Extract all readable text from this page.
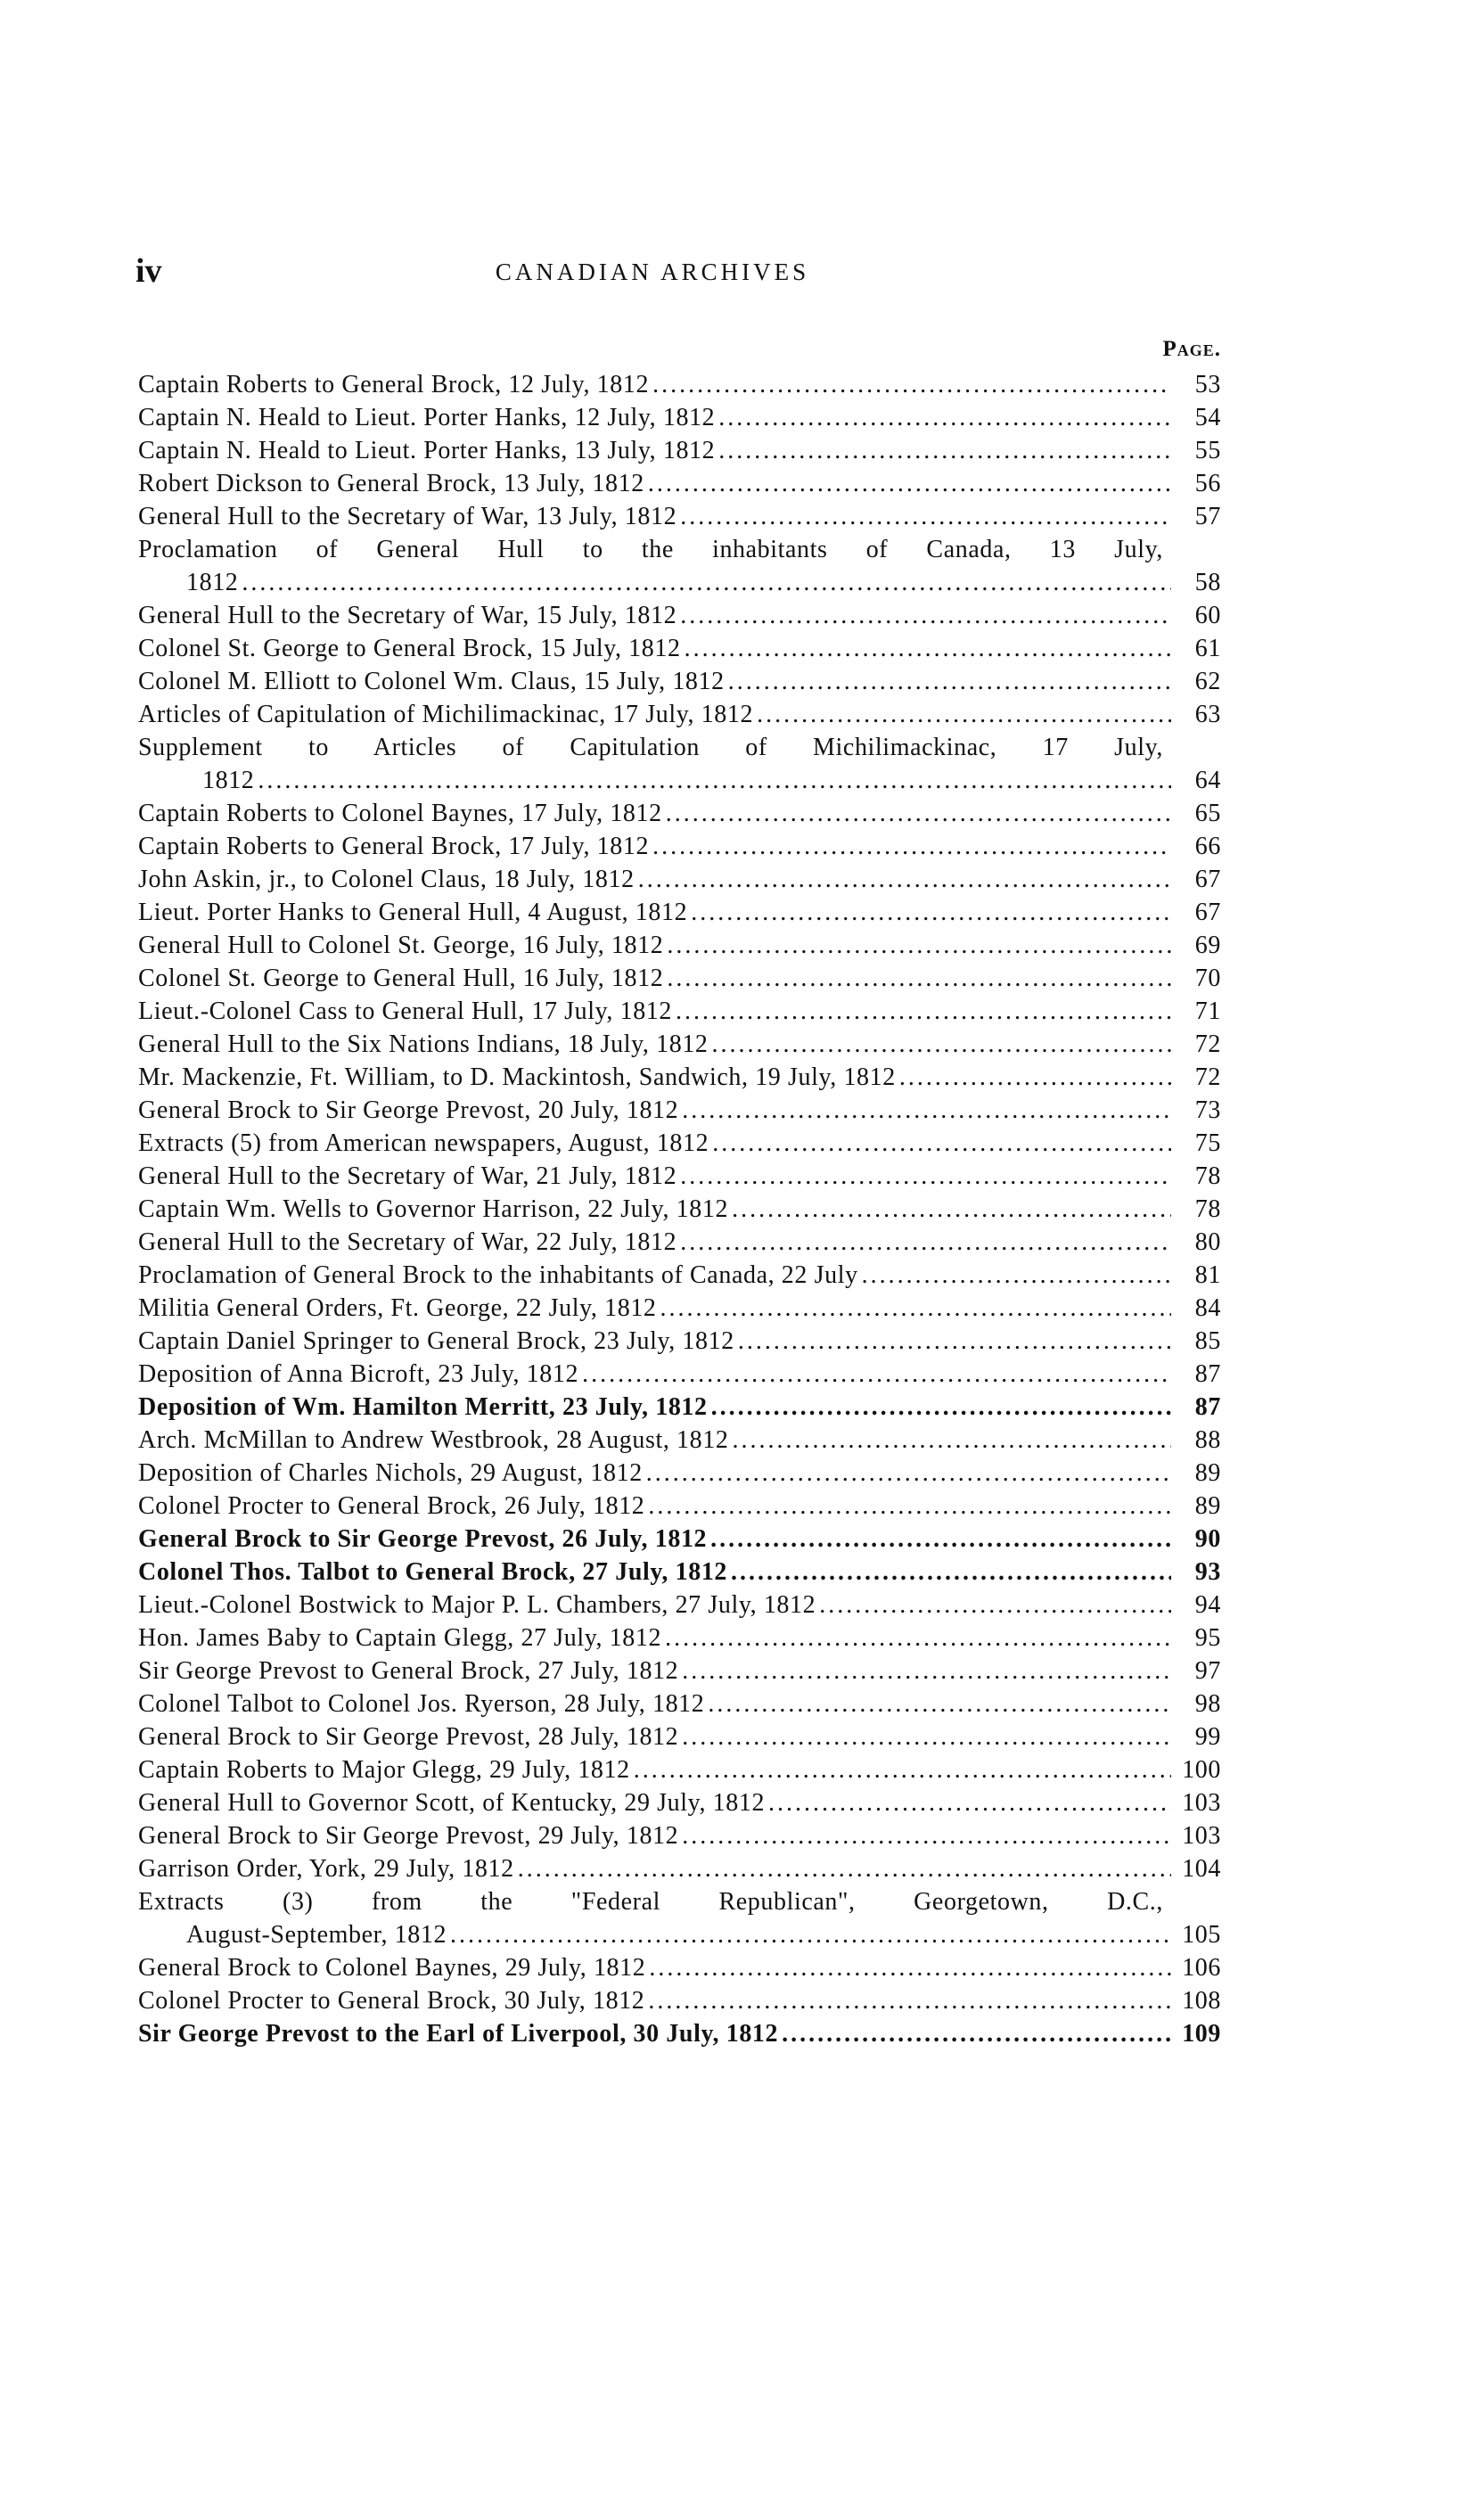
iv	CANADIAN ARCHIVES
Page.
Captain Roberts to General Brock, 12 July, 1812 .....	53
Captain N. Heald to Lieut. Porter Hanks, 12 July, 1812 .....	54
Captain N. Heald to Lieut. Porter Hanks, 13 July, 1812 .....	55
Robert Dickson to General Brock, 13 July, 1812 .....	56
General Hull to the Secretary of War, 13 July, 1812 .....	57
Proclamation of General Hull to the inhabitants of Canada, 13 July,
1812 .....	58
General Hull to the Secretary of War, 15 July, 1812 .....	60
Colonel St. George to General Brock, 15 July, 1812 .....	61
Colonel M. Elliott to Colonel Wm. Claus, 15 July, 1812 .....	62
Articles of Capitulation of Michilimackinac, 17 July, 1812 .....	63
Supplement to Articles of Capitulation of Michilimackinac, 17 July,
1812 .....	64
Captain Roberts to Colonel Baynes, 17 July, 1812 .....	65
Captain Roberts to General Brock, 17 July, 1812 .....	66
John Askin, jr., to Colonel Claus, 18 July, 1812 .....	67
Lieut. Porter Hanks to General Hull, 4 August, 1812 .....	67
General Hull to Colonel St. George, 16 July, 1812 .....	69
Colonel St. George to General Hull, 16 July, 1812 .....	70
Lieut.-Colonel Cass to General Hull, 17 July, 1812 .....	71
General Hull to the Six Nations Indians, 18 July, 1812 .....	72
Mr. Mackenzie, Ft. William, to D. Mackintosh, Sandwich, 19 July, 1812 .....	72
General Brock to Sir George Prevost, 20 July, 1812 .....	73
Extracts (5) from American newspapers, August, 1812 .....	75
General Hull to the Secretary of War, 21 July, 1812 .....	78
Captain Wm. Wells to Governor Harrison, 22 July, 1812 .....	78
General Hull to the Secretary of War, 22 July, 1812 .....	80
Proclamation of General Brock to the inhabitants of Canada, 22 July .....	81
Militia General Orders, Ft. George, 22 July, 1812 .....	84
Captain Daniel Springer to General Brock, 23 July, 1812 .....	85
Deposition of Anna Bicroft, 23 July, 1812 .....	87
Deposition of Wm. Hamilton Merritt, 23 July, 1812 .....	87
Arch. McMillan to Andrew Westbrook, 28 August, 1812 .....	88
Deposition of Charles Nichols, 29 August, 1812 .....	89
Colonel Procter to General Brock, 26 July, 1812 .....	89
General Brock to Sir George Prevost, 26 July, 1812 .....	90
Colonel Thos. Talbot to General Brock, 27 July, 1812 .....	93
Lieut.-Colonel Bostwick to Major P. L. Chambers, 27 July, 1812 .....	94
Hon. James Baby to Captain Glegg, 27 July, 1812 .....	95
Sir George Prevost to General Brock, 27 July, 1812 .....	97
Colonel Talbot to Colonel Jos. Ryerson, 28 July, 1812 .....	98
General Brock to Sir George Prevost, 28 July, 1812 .....	99
Captain Roberts to Major Glegg, 29 July, 1812 .....	100
General Hull to Governor Scott, of Kentucky, 29 July, 1812 .....	103
General Brock to Sir George Prevost, 29 July, 1812 .....	103
Garrison Order, York, 29 July, 1812 .....	104
Extracts (3) from the "Federal Republican", Georgetown, D.C.,
August-September, 1812 .....	105
General Brock to Colonel Baynes, 29 July, 1812 .....	106
Colonel Procter to General Brock, 30 July, 1812 .....	108
Sir George Prevost to the Earl of Liverpool, 30 July, 1812 .....	109
